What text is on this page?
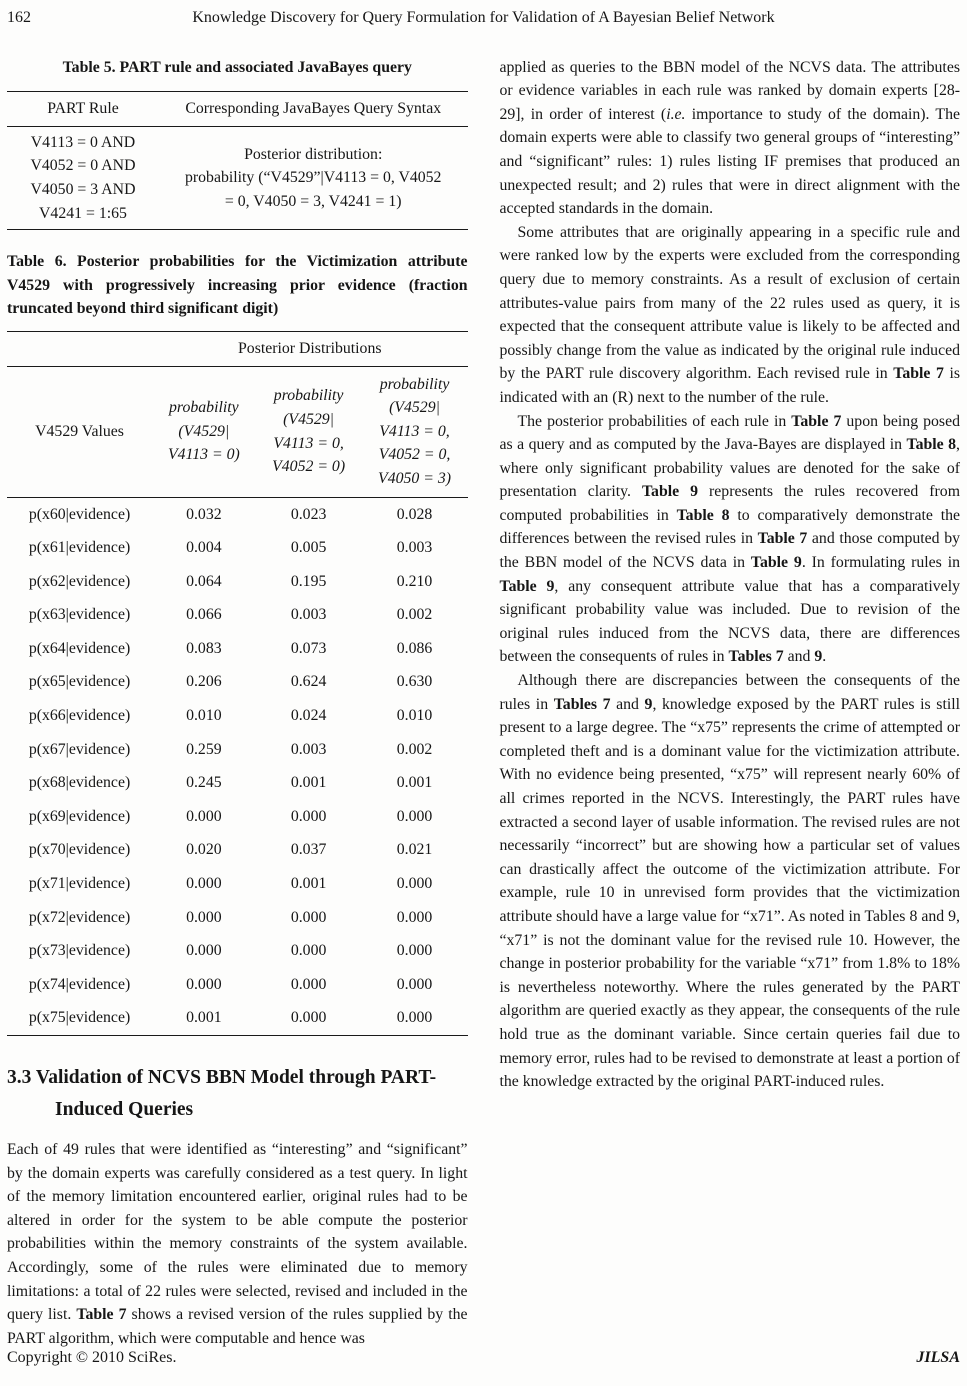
162	Knowledge Discovery for Query Formulation for Validation of A Bayesian Belief Network
Table 5. PART rule and associated JavaBayes query
PART Rule	Corresponding JavaBayes Query Syntax
V4113 = 0 AND
V4052 = 0 AND
V4050 = 3 AND
V4241 = 1:65	Posterior distribution:
probability (“V4529”|V4113 = 0, V4052
= 0, V4050 = 3, V4241 = 1)
Table 6. Posterior probabilities for the Victimization attribute V4529 with progressively increasing prior evidence (fraction truncated beyond third significant digit)
	Posterior Distributions		
V4529 Values	probability
(V4529|
V4113 = 0)	probability
(V4529|
V4113 = 0,
V4052 = 0)	probability
(V4529|
V4113 = 0,
V4052 = 0,
V4050 = 3)
p(x60|evidence)	0.032	0.023	0.028
p(x61|evidence)	0.004	0.005	0.003
p(x62|evidence)	0.064	0.195	0.210
p(x63|evidence)	0.066	0.003	0.002
p(x64|evidence)	0.083	0.073	0.086
p(x65|evidence)	0.206	0.624	0.630
p(x66|evidence)	0.010	0.024	0.010
p(x67|evidence)	0.259	0.003	0.002
p(x68|evidence)	0.245	0.001	0.001
p(x69|evidence)	0.000	0.000	0.000
p(x70|evidence)	0.020	0.037	0.021
p(x71|evidence)	0.000	0.001	0.000
p(x72|evidence)	0.000	0.000	0.000
p(x73|evidence)	0.000	0.000	0.000
p(x74|evidence)	0.000	0.000	0.000
p(x75|evidence)	0.001	0.000	0.000
3.3 Validation of NCVS BBN Model through PART-Induced Queries

Each of 49 rules that were identified as “interesting” and “significant” by the domain experts was carefully considered as a test query. In light of the memory limitation encountered earlier, original rules had to be altered in order for the system to be able compute the posterior probabilities within the memory constraints of the system available. Accordingly, some of the rules were eliminated due to memory limitations: a total of 22 rules were selected, revised and included in the query list. Table 7 shows a revised version of the rules supplied by the PART algorithm, which were computable and hence was

applied as queries to the BBN model of the NCVS data. The attributes or evidence variables in each rule was ranked by domain experts [28-29], in order of interest (i.e. importance to study of the domain). The domain experts were able to classify two general groups of “interesting” and “significant” rules: 1) rules listing IF premises that produced an unexpected result; and 2) rules that were in direct alignment with the accepted standards in the domain.

Some attributes that are originally appearing in a specific rule and were ranked low by the experts were excluded from the corresponding query due to memory constraints. As a result of exclusion of certain attributes-value pairs from many of the 22 rules used as query, it is expected that the consequent attribute value is likely to be affected and possibly change from the value as indicated by the original rule induced by the PART rule discovery algorithm. Each revised rule in Table 7 is indicated with an (R) next to the number of the rule.

The posterior probabilities of each rule in Table 7 upon being posed as a query and as computed by the Java-Bayes are displayed in Table 8, where only significant probability values are denoted for the sake of presentation clarity. Table 9 represents the rules recovered from computed probabilities in Table 8 to comparatively demonstrate the differences between the revised rules in Table 7 and those computed by the BBN model of the NCVS data in Table 9. In formulating rules in Table 9, any consequent attribute value that has a comparatively significant probability value was included. Due to revision of the original rules induced from the NCVS data, there are differences between the consequents of rules in Tables 7 and 9.

Although there are discrepancies between the consequents of the rules in Tables 7 and 9, knowledge exposed by the PART rules is still present to a large degree. The “x75” represents the crime of attempted or completed theft and is a dominant value for the victimization attribute. With no evidence being presented, “x75” will represent nearly 60% of all crimes reported in the NCVS. Interestingly, the PART rules have extracted a second layer of usable information. The revised rules are not necessarily “incorrect” but are showing how a particular set of values can drastically affect the outcome of the victimization attribute. For example, rule 10 in unrevised form provides that the victimization attribute should have a large value for “x71”. As noted in Tables 8 and 9, “x71” is not the dominant value for the revised rule 10. However, the change in posterior probability for the variable “x71” from 1.8% to 18% is nevertheless noteworthy. Where the rules generated by the PART algorithm are queried exactly as they appear, the consequents of the rule hold true as the dominant variable. Since certain queries fail due to memory error, rules had to be revised to demonstrate at least a portion of the knowledge extracted by the original PART-induced rules.

Copyright © 2010 SciRes.	JILSA
